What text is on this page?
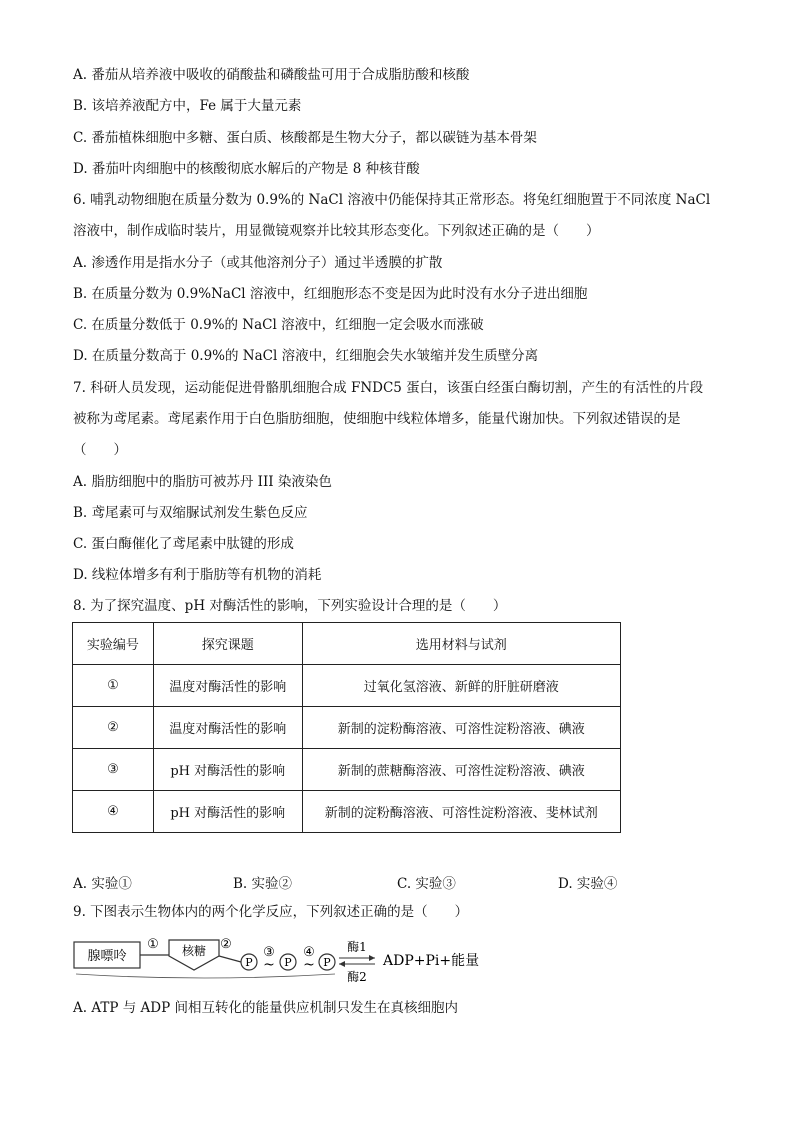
A. 番茄从培养液中吸收的硝酸盐和磷酸盐可用于合成脂肪酸和核酸
B. 该培养液配方中，Fe 属于大量元素
C. 番茄植株细胞中多糖、蛋白质、核酸都是生物大分子，都以碳链为基本骨架
D. 番茄叶肉细胞中的核酸彻底水解后的产物是 8 种核苷酸
6. 哺乳动物细胞在质量分数为 0.9%的 NaCl 溶液中仍能保持其正常形态。将兔红细胞置于不同浓度 NaCl
溶液中，制作成临时装片，用显微镜观察并比较其形态变化。下列叙述正确的是（　　）
A. 渗透作用是指水分子（或其他溶剂分子）通过半透膜的扩散
B. 在质量分数为 0.9%NaCl 溶液中，红细胞形态不变是因为此时没有水分子进出细胞
C. 在质量分数低于 0.9%的 NaCl 溶液中，红细胞一定会吸水而涨破
D. 在质量分数高于 0.9%的 NaCl 溶液中，红细胞会失水皱缩并发生质壁分离
7. 科研人员发现，运动能促进骨骼肌细胞合成 FNDC5 蛋白，该蛋白经蛋白酶切割，产生的有活性的片段
被称为鸢尾素。鸢尾素作用于白色脂肪细胞，使细胞中线粒体增多，能量代谢加快。下列叙述错误的是
（　　）
A. 脂肪细胞中的脂肪可被苏丹 III 染液染色
B. 鸢尾素可与双缩脲试剂发生紫色反应
C. 蛋白酶催化了鸢尾素中肽键的形成
D. 线粒体增多有利于脂肪等有机物的消耗
8. 为了探究温度、pH 对酶活性的影响，下列实验设计合理的是（　　）
实验编号	探究课题	选用材料与试剂
①	温度对酶活性的影响	过氧化氢溶液、新鲜的肝脏研磨液
②	温度对酶活性的影响	新制的淀粉酶溶液、可溶性淀粉溶液、碘液
③	pH 对酶活性的影响	新制的蔗糖酶溶液、可溶性淀粉溶液、碘液
④	pH 对酶活性的影响	新制的淀粉酶溶液、可溶性淀粉溶液、斐林试剂
A. 实验①	B. 实验②	C. 实验③	D. 实验④
9. 下图表示生物体内的两个化学反应，下列叙述正确的是（　　）
腺嘌呤
① 核糖 ②
P
③
~ P
④
~ P
酶1
酶2
ADP+Pi+能量
A. ATP 与 ADP 间相互转化的能量供应机制只发生在真核细胞内
